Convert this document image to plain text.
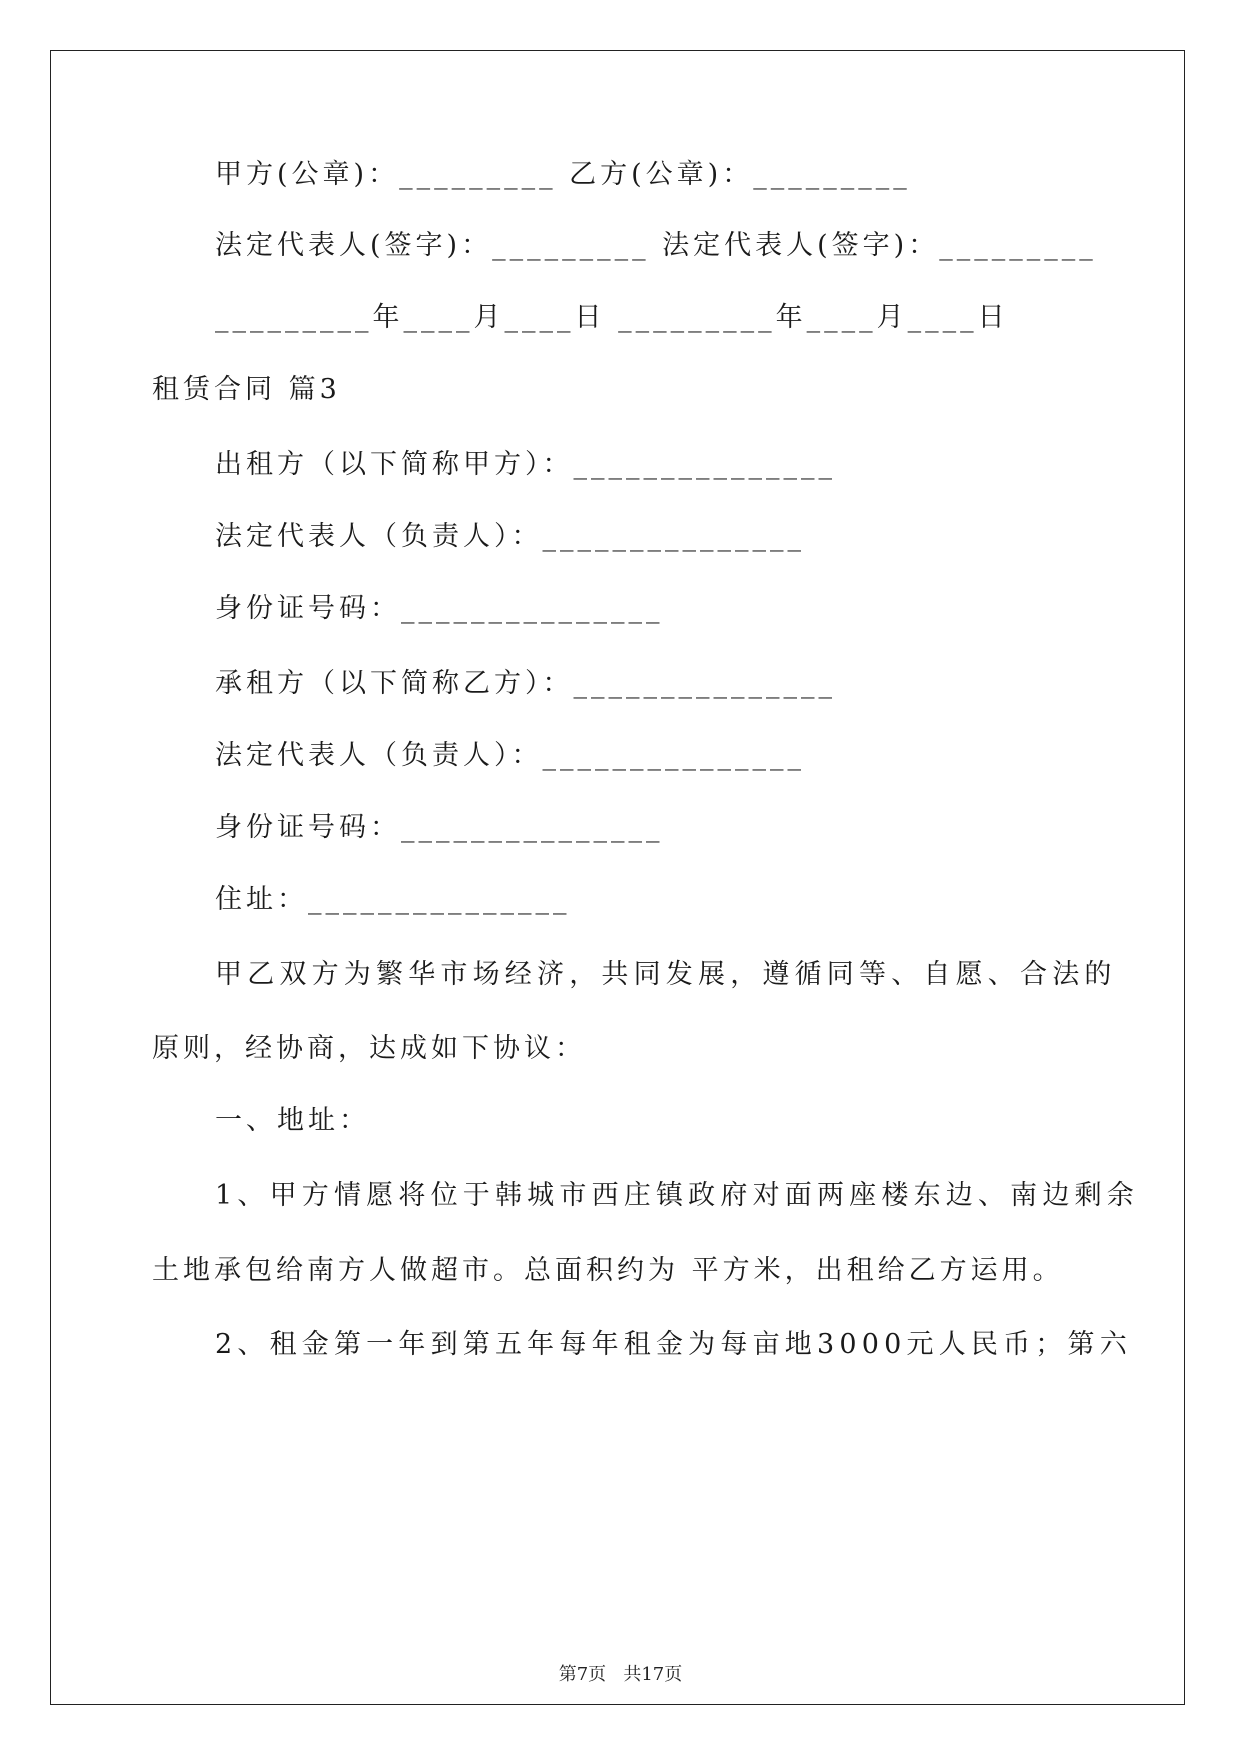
甲方(公章)：_________ 乙方(公章)：_________
法定代表人(签字)：_________ 法定代表人(签字)：_________
_________年____月____日 _________年____月____日
租赁合同 篇3
出租方（以下简称甲方）：_______________
法定代表人（负责人）：_______________
身份证号码：_______________
承租方（以下简称乙方）：_______________
法定代表人（负责人）：_______________
身份证号码：_______________
住址：_______________
甲乙双方为繁华市场经济，共同发展，遵循同等、自愿、合法的
原则，经协商，达成如下协议：
一、地址：
1、甲方情愿将位于韩城市西庄镇政府对面两座楼东边、南边剩余
土地承包给南方人做超市。总面积约为 平方米，出租给乙方运用。
2、租金第一年到第五年每年租金为每亩地3000元人民币；第六
第7页   共17页
